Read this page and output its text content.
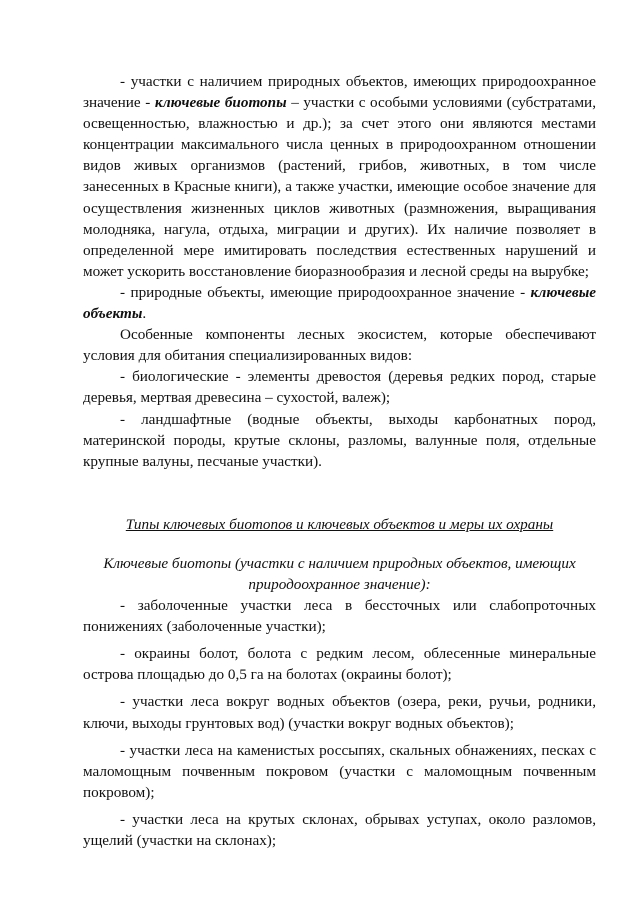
- участки с наличием природных объектов, имеющих природоохранное значение - ключевые биотопы – участки с особыми условиями (субстратами, освещенностью, влажностью и др.); за счет этого они являются местами концентрации максимального числа ценных в природоохранном отношении видов живых организмов (растений, грибов, животных, в том числе занесенных в Красные книги), а также участки, имеющие особое значение для осуществления жизненных циклов животных (размножения, выращивания молодняка, нагула, отдыха, миграции и других). Их наличие позволяет в определенной мере имитировать последствия естественных нарушений и может ускорить восстановление биоразнообразия и лесной среды на вырубке;

- природные объекты, имеющие природоохранное значение - ключевые объекты.

Особенные компоненты лесных экосистем, которые обеспечивают условия для обитания специализированных видов:

- биологические - элементы древостоя (деревья редких пород, старые деревья, мертвая древесина – сухостой, валеж);

- ландшафтные (водные объекты, выходы карбонатных пород, материнской породы, крутые склоны, разломы, валунные поля, отдельные крупные валуны, песчаные участки).

Типы ключевых биотопов и ключевых объектов и меры их охраны

Ключевые биотопы (участки с наличием природных объектов, имеющих природоохранное значение):

- заболоченные участки леса в бессточных или слабопроточных понижениях (заболоченные участки);

- окраины болот, болота с редким лесом, облесенные минеральные острова площадью до 0,5 га на болотах (окраины болот);

- участки леса вокруг водных объектов (озера, реки, ручьи, родники, ключи, выходы грунтовых вод) (участки вокруг водных объектов);

- участки леса на каменистых россыпях, скальных обнажениях, песках с маломощным почвенным покровом (участки с маломощным почвенным покровом);

- участки леса на крутых склонах, обрывах уступах, около разломов, ущелий (участки на склонах);
